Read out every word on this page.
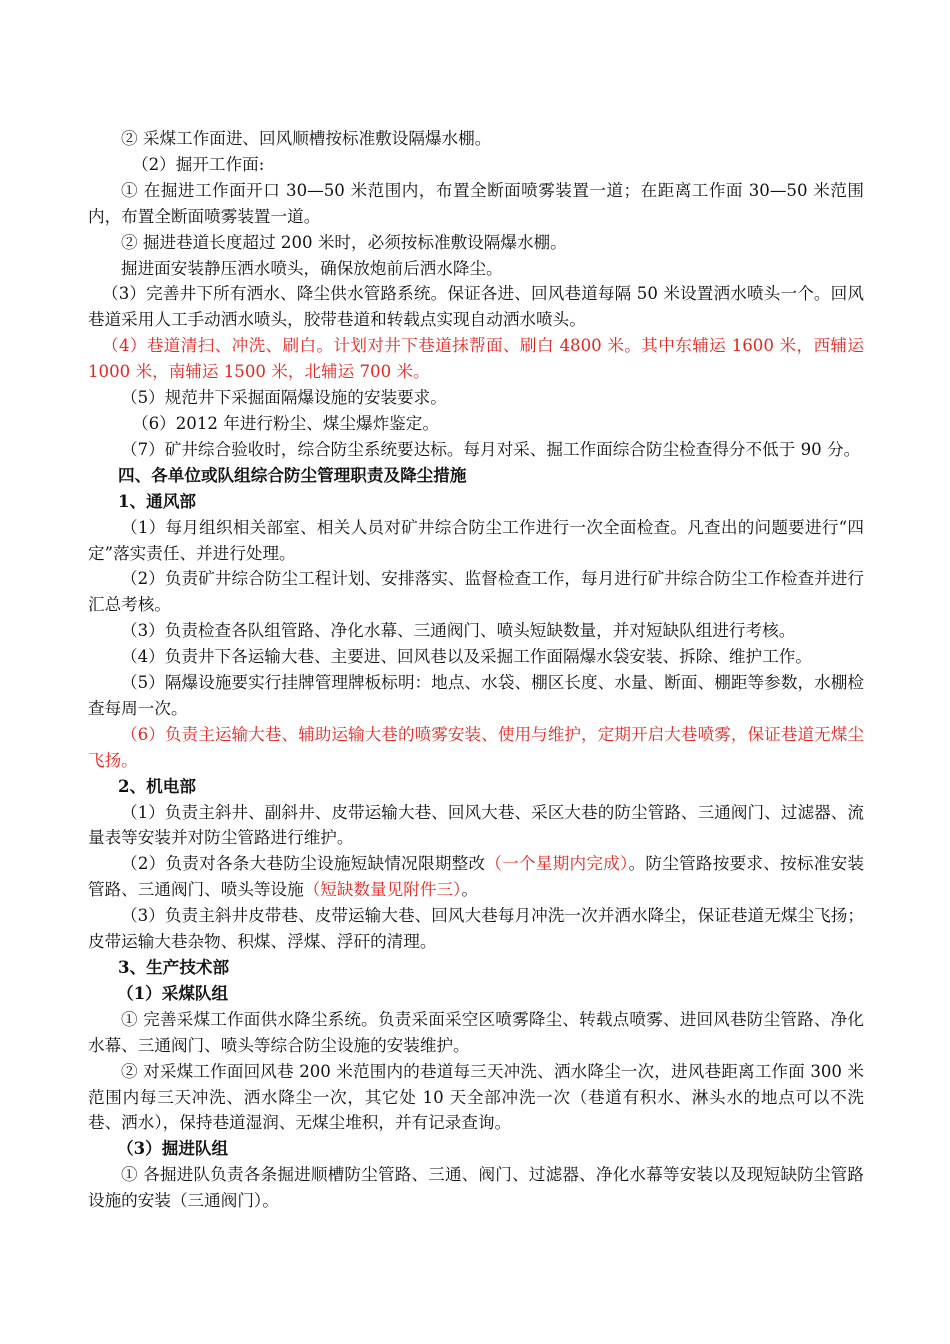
② 采煤工作面进、回风顺槽按标准敷设隔爆水棚。

（2）掘开工作面:

① 在掘进工作面开口 30—50 米范围内，布置全断面喷雾装置一道；在距离工作面 30—50 米范围内，布置全断面喷雾装置一道。

② 掘进巷道长度超过 200 米时，必须按标准敷设隔爆水棚。

掘进面安装静压洒水喷头，确保放炮前后洒水降尘。

（3）完善井下所有洒水、降尘供水管路系统。保证各进、回风巷道每隔 50 米设置洒水喷头一个。回风巷道采用人工手动洒水喷头，胶带巷道和转载点实现自动洒水喷头。

（4）巷道清扫、冲洗、刷白。计划对井下巷道抹帮面、刷白 4800 米。其中东辅运 1600 米，西辅运 1000 米，南辅运 1500 米，北辅运 700 米。

（5）规范井下采掘面隔爆设施的安装要求。

（6）2012 年进行粉尘、煤尘爆炸鉴定。

（7）矿井综合验收时，综合防尘系统要达标。每月对采、掘工作面综合防尘检查得分不低于 90 分。

四、各单位或队组综合防尘管理职责及降尘措施

1、通风部

（1）每月组织相关部室、相关人员对矿井综合防尘工作进行一次全面检查。凡查出的问题要进行“四定”落实责任、并进行处理。

（2）负责矿井综合防尘工程计划、安排落实、监督检查工作，每月进行矿井综合防尘工作检查并进行汇总考核。

（3）负责检查各队组管路、净化水幕、三通阀门、喷头短缺数量，并对短缺队组进行考核。

（4）负责井下各运输大巷、主要进、回风巷以及采掘工作面隔爆水袋安装、拆除、维护工作。

（5）隔爆设施要实行挂牌管理牌板标明：地点、水袋、棚区长度、水量、断面、棚距等参数，水棚检查每周一次。

（6）负责主运输大巷、辅助运输大巷的喷雾安装、使用与维护，定期开启大巷喷雾，保证巷道无煤尘飞扬。

2、机电部

（1）负责主斜井、副斜井、皮带运输大巷、回风大巷、采区大巷的防尘管路、三通阀门、过滤器、流量表等安装并对防尘管路进行维护。

（2）负责对各条大巷防尘设施短缺情况限期整改（一个星期内完成）。防尘管路按要求、按标准安装管路、三通阀门、喷头等设施（短缺数量见附件三）。

（3）负责主斜井皮带巷、皮带运输大巷、回风大巷每月冲洗一次并洒水降尘，保证巷道无煤尘飞扬；皮带运输大巷杂物、积煤、浮煤、浮矸的清理。

3、生产技术部

（1）采煤队组

① 完善采煤工作面供水降尘系统。负责采面采空区喷雾降尘、转载点喷雾、进回风巷防尘管路、净化水幕、三通阀门、喷头等综合防尘设施的安装维护。

② 对采煤工作面回风巷 200 米范围内的巷道每三天冲洗、洒水降尘一次，进风巷距离工作面 300 米范围内每三天冲洗、洒水降尘一次，其它处 10 天全部冲洗一次（巷道有积水、淋头水的地点可以不洗巷、洒水），保持巷道湿润、无煤尘堆积，并有记录查询。

（3）掘进队组

① 各掘进队负责各条掘进顺槽防尘管路、三通、阀门、过滤器、净化水幕等安装以及现短缺防尘管路设施的安装（三通阀门）。
